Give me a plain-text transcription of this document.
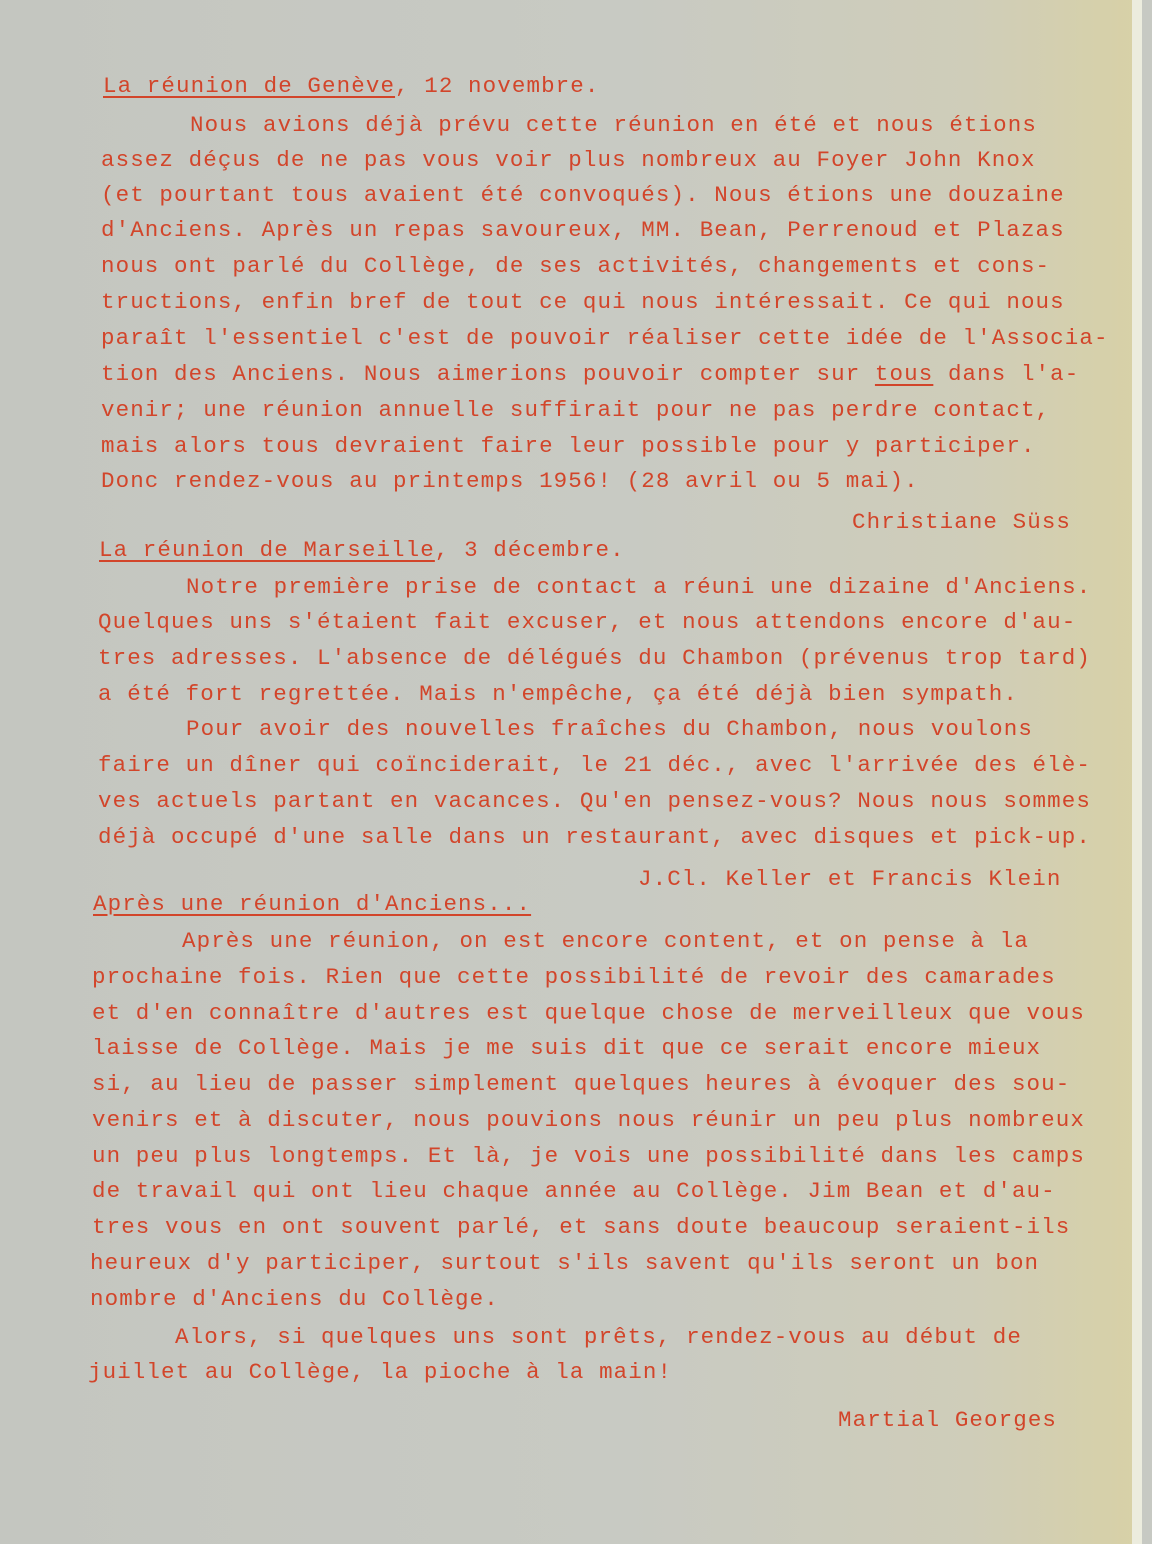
La réunion de Genève, 12 novembre.

Nous avions déjà prévu cette réunion en été et nous étions

assez déçus de ne pas vous voir plus nombreux au Foyer John Knox

(et pourtant tous avaient été convoqués). Nous étions une douzaine

d'Anciens. Après un repas savoureux, MM. Bean, Perrenoud et Plazas

nous ont parlé du Collège, de ses activités, changements et cons-

tructions, enfin bref de tout ce qui nous intéressait. Ce qui nous

paraît l'essentiel c'est de pouvoir réaliser cette idée de l'Associa-

tion des Anciens. Nous aimerions pouvoir compter sur tous dans l'a-

venir; une réunion annuelle suffirait pour ne pas perdre contact,

mais alors tous devraient faire leur possible pour y participer.

Donc rendez-vous au printemps 1956! (28 avril ou 5 mai).

Christiane Süss

La réunion de Marseille, 3 décembre.

Notre première prise de contact a réuni une dizaine d'Anciens.

Quelques uns s'étaient fait excuser, et nous attendons encore d'au-

tres adresses. L'absence de délégués du Chambon (prévenus trop tard)

a été fort regrettée. Mais n'empêche, ça été déjà bien sympath.

Pour avoir des nouvelles fraîches du Chambon, nous voulons

faire un dîner qui coïnciderait, le 21 déc., avec l'arrivée des élè-

ves actuels partant en vacances. Qu'en pensez-vous? Nous nous sommes

déjà occupé d'une salle dans un restaurant, avec disques et pick-up.

J.Cl. Keller et Francis Klein

Après une réunion d'Anciens...

Après une réunion, on est encore content, et on pense à la

prochaine fois. Rien que cette possibilité de revoir des camarades

et d'en connaître d'autres est quelque chose de merveilleux que vous

laisse de Collège. Mais je me suis dit que ce serait encore mieux

si, au lieu de passer simplement quelques heures à évoquer des sou-

venirs et à discuter, nous pouvions nous réunir un peu plus nombreux

un peu plus longtemps. Et là, je vois une possibilité dans les camps

de travail qui ont lieu chaque année au Collège. Jim Bean et d'au-

tres vous en ont souvent parlé, et sans doute beaucoup seraient-ils

heureux d'y participer, surtout s'ils savent qu'ils seront un bon

nombre d'Anciens du Collège.

Alors, si quelques uns sont prêts, rendez-vous au début de

juillet au Collège, la pioche à la main!

Martial Georges
